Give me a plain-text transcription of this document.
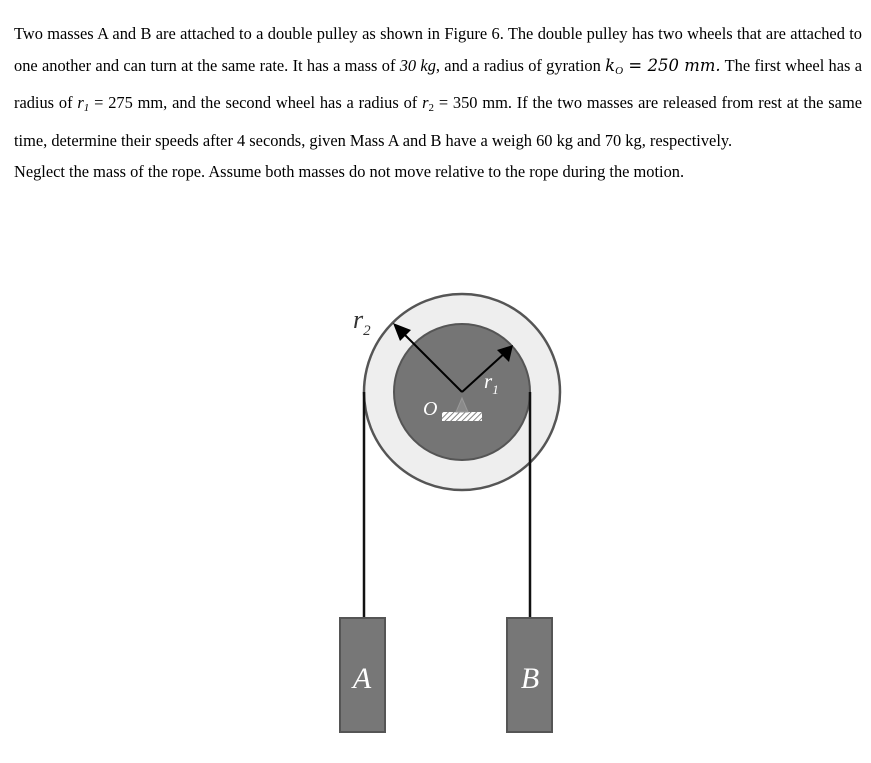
Two masses A and B are attached to a double pulley as shown in Figure 6. The double pulley has two wheels that are attached to one another and can turn at the same rate. It has a mass of 30 kg, and a radius of gyration kO = 250 mm. The first wheel has a radius of r1 = 275 mm, and the second wheel has a radius of r2 = 350 mm. If the two masses are released from rest at the same time, determine their speeds after 4 seconds, given Mass A and B have a weigh 60 kg and 70 kg, respectively.

Neglect the mass of the rope. Assume both masses do not move relative to the rope during the motion.

$r_2$
$r_1$
O
A	B
